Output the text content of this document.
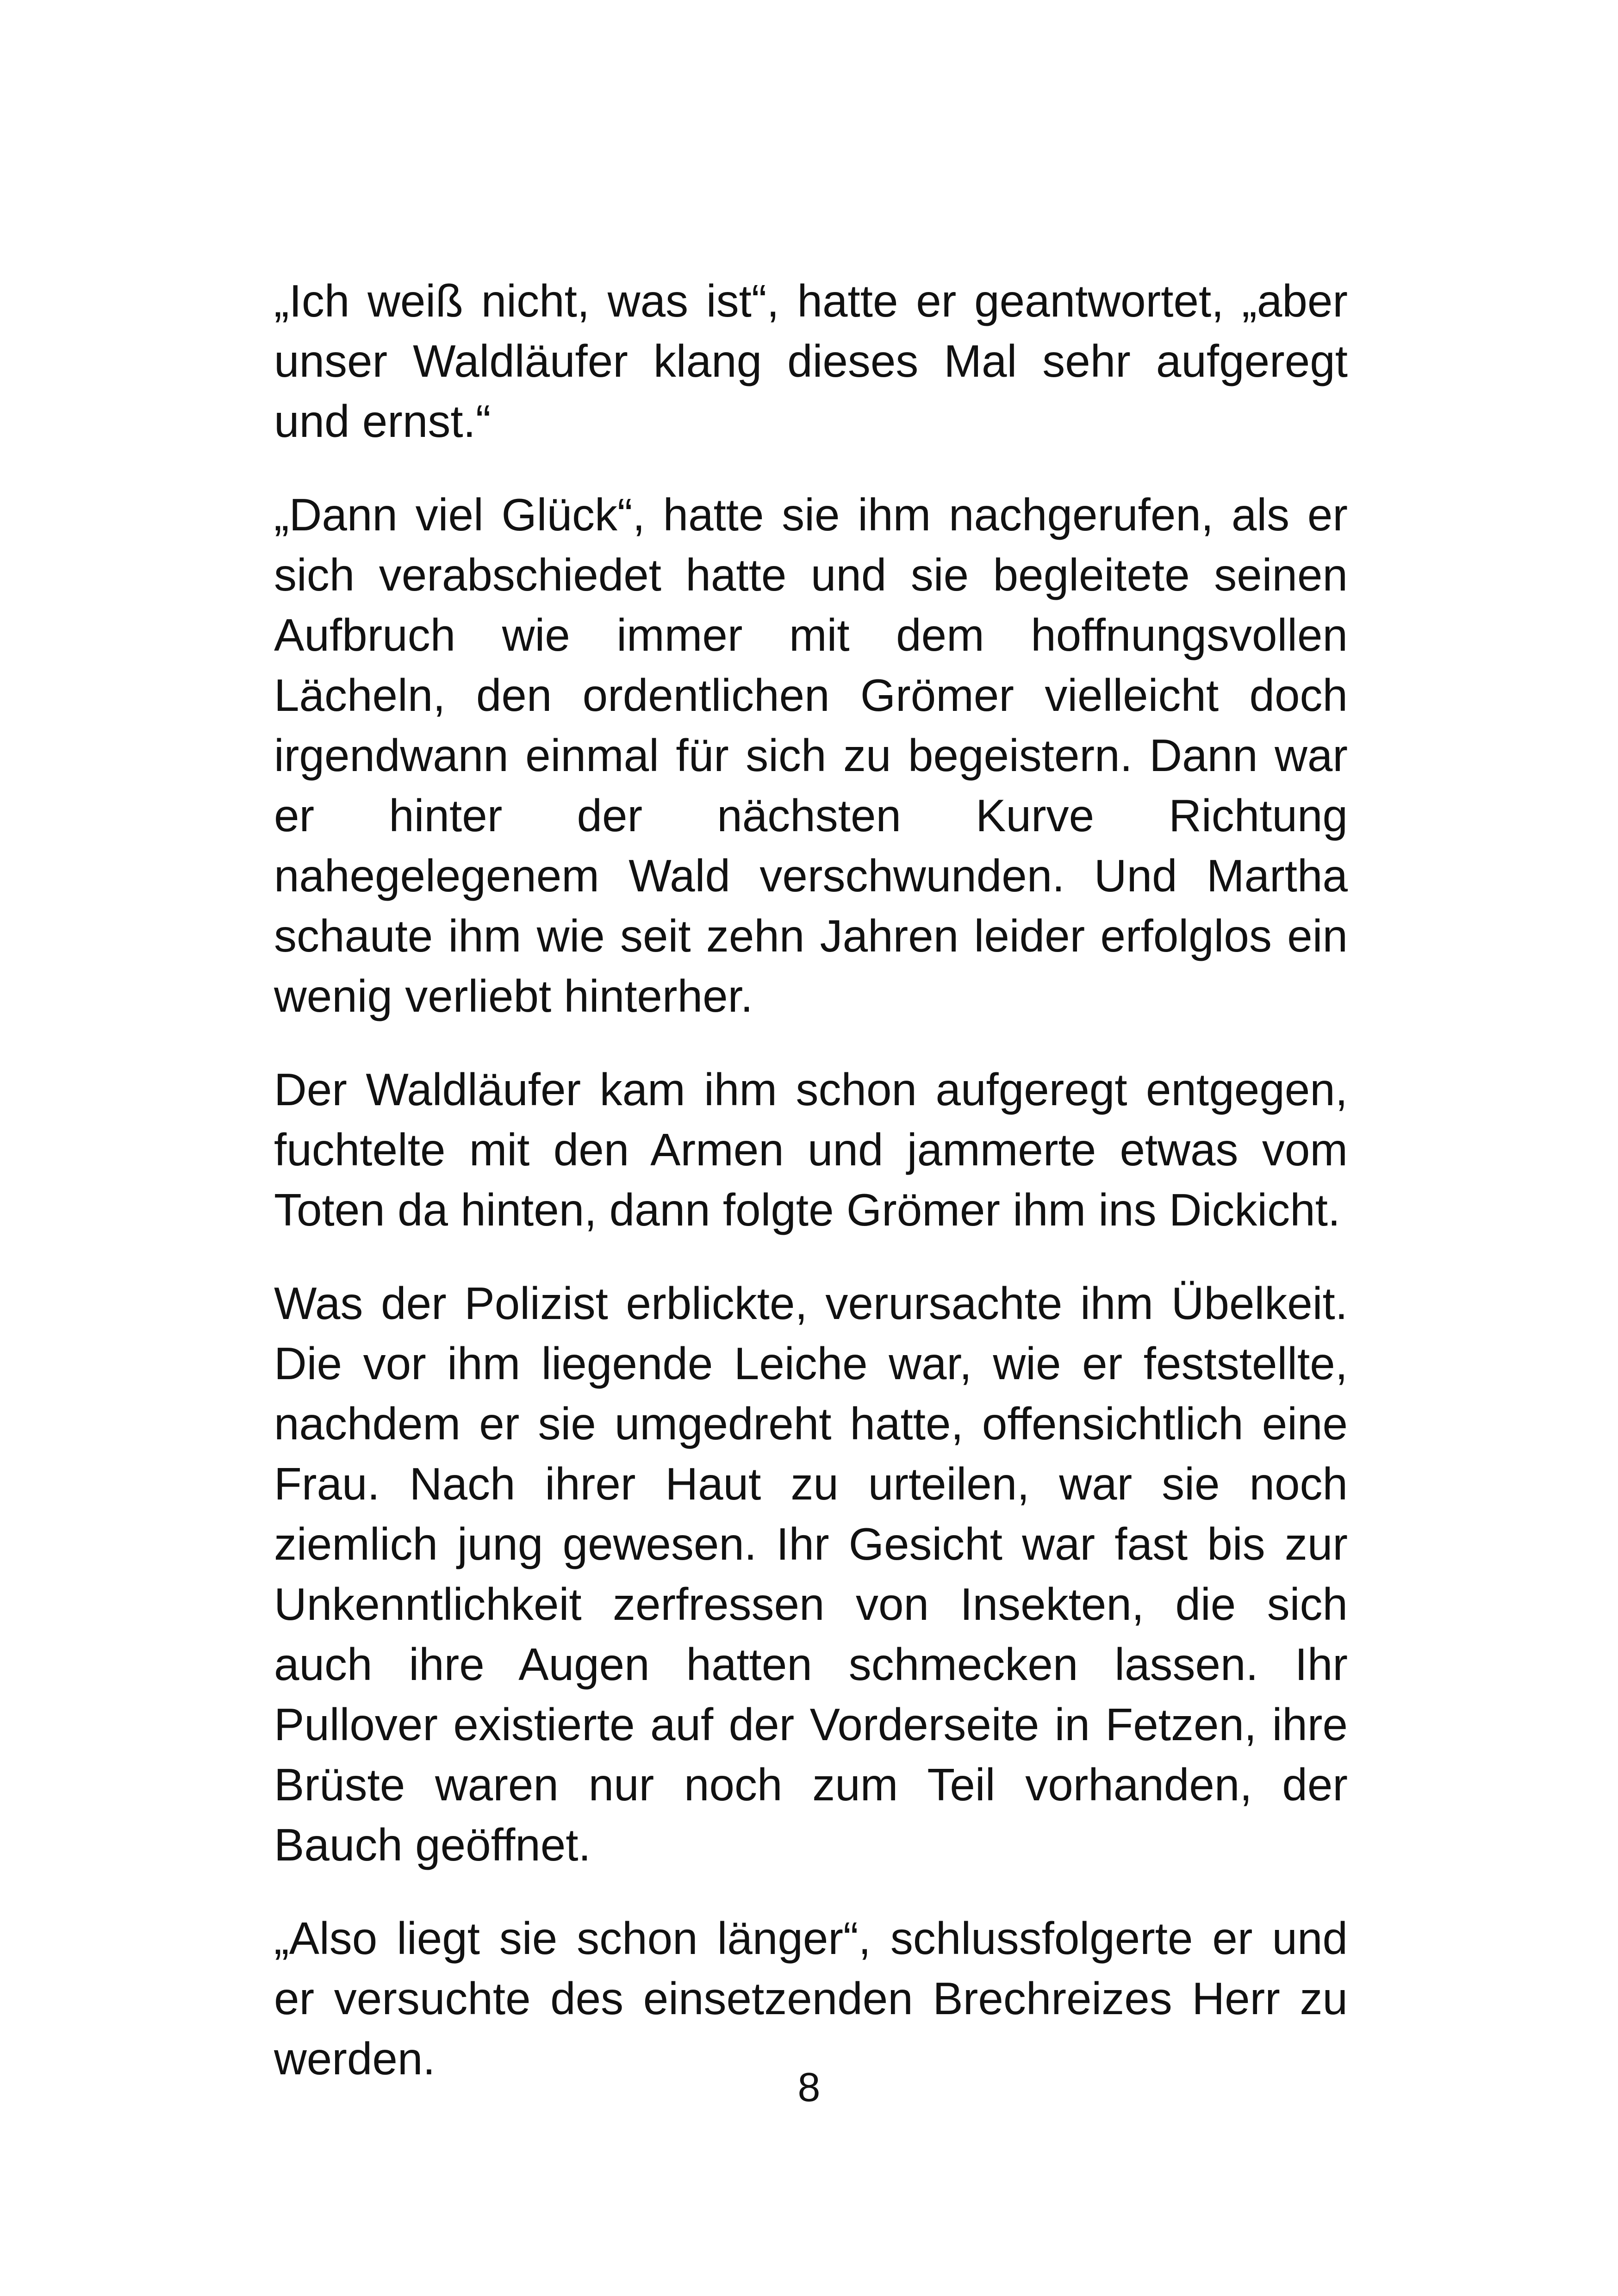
„Ich weiß nicht, was ist“, hatte er geantwortet, „aber unser Waldläufer klang dieses Mal sehr aufgeregt und ernst.“

„Dann viel Glück“, hatte sie ihm nachgerufen, als er sich verabschiedet hatte und sie begleitete seinen Aufbruch wie immer mit dem hoffnungsvollen Lächeln, den ordentlichen Grömer vielleicht doch irgendwann einmal für sich zu begeistern. Dann war er hinter der nächsten Kurve Richtung nahegelegenem Wald verschwunden. Und Martha schaute ihm wie seit zehn Jahren leider erfolglos ein wenig verliebt hinterher.

Der Waldläufer kam ihm schon aufgeregt entgegen, fuchtelte mit den Armen und jammerte etwas vom Toten da hinten, dann folgte Grömer ihm ins Dickicht.

Was der Polizist erblickte, verursachte ihm Übelkeit. Die vor ihm liegende Leiche war, wie er feststellte, nachdem er sie umgedreht hatte, offensichtlich eine Frau. Nach ihrer Haut zu urteilen, war sie noch ziemlich jung gewesen. Ihr Gesicht war fast bis zur Unkenntlichkeit zerfressen von Insekten, die sich auch ihre Augen hatten schmecken lassen. Ihr Pullover existierte auf der Vorderseite in Fetzen, ihre Brüste waren nur noch zum Teil vorhanden, der Bauch geöffnet.

„Also liegt sie schon länger“, schlussfolgerte er und er versuchte des einsetzenden Brechreizes Herr zu werden.

8
